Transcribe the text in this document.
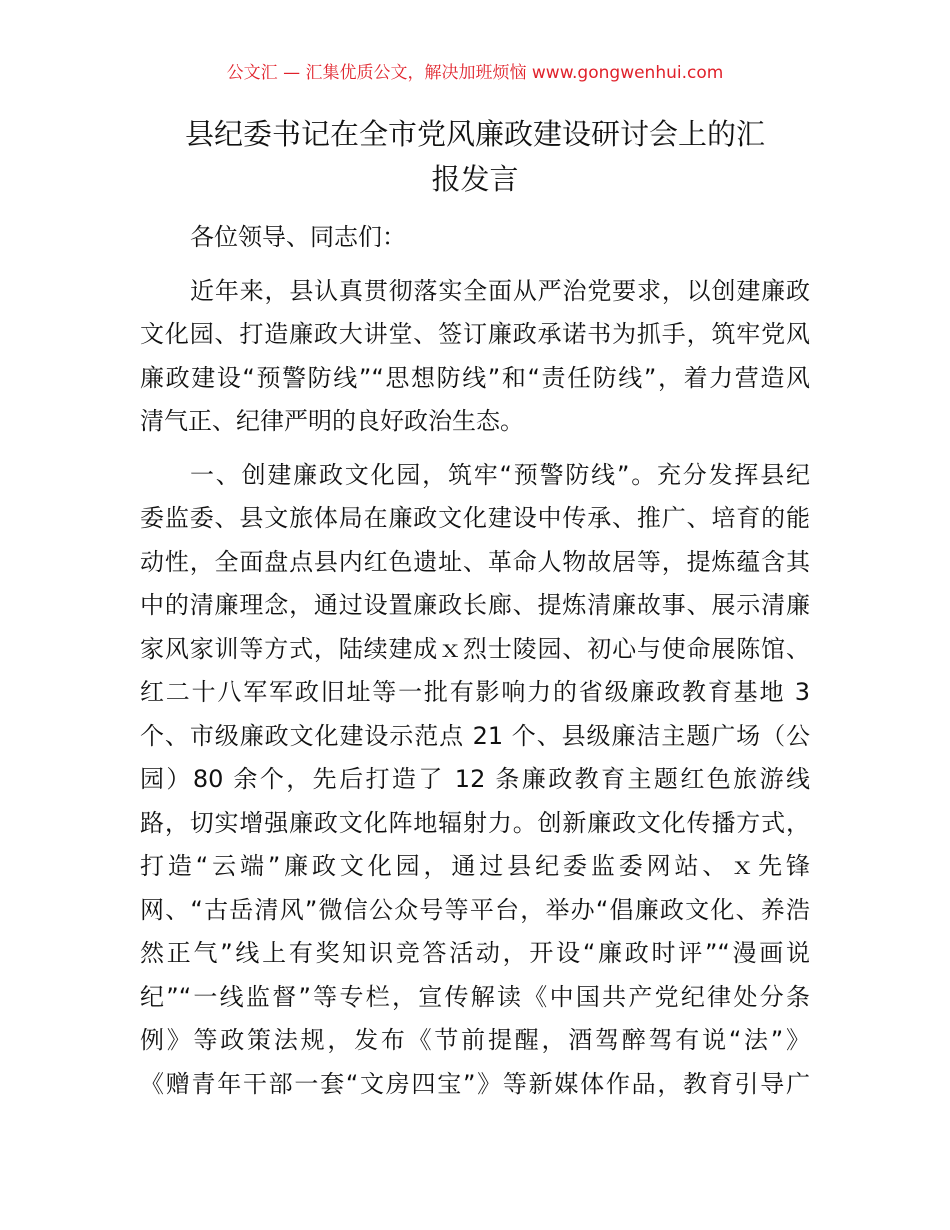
公文汇 — 汇集优质公文，解决加班烦恼 www.gongwenhui.com
县纪委书记在全市党风廉政建设研讨会上的汇
报发言
各位领导、同志们：
近年来，县认真贯彻落实全面从严治党要求，以创建廉政
文化园、打造廉政大讲堂、签订廉政承诺书为抓手，筑牢党风
廉政建设“预警防线”“思想防线”和“责任防线”，着力营造风
清气正、纪律严明的良好政治生态。
一、创建廉政文化园，筑牢“预警防线”。充分发挥县纪
委监委、县文旅体局在廉政文化建设中传承、推广、培育的能
动性，全面盘点县内红色遗址、革命人物故居等，提炼蕴含其
中的清廉理念，通过设置廉政长廊、提炼清廉故事、展示清廉
家风家训等方式，陆续建成ｘ烈士陵园、初心与使命展陈馆、
红二十八军军政旧址等一批有影响力的省级廉政教育基地 3
个、市级廉政文化建设示范点 21 个、县级廉洁主题广场（公
园）80 余个，先后打造了 12 条廉政教育主题红色旅游线
路，切实增强廉政文化阵地辐射力。创新廉政文化传播方式，
打造“云端”廉政文化园，通过县纪委监委网站、ｘ先锋
网、“古岳清风”微信公众号等平台，举办“倡廉政文化、养浩
然正气”线上有奖知识竞答活动，开设“廉政时评”“漫画说
纪”“一线监督”等专栏，宣传解读《中国共产党纪律处分条
例》等政策法规，发布《节前提醒，酒驾醉驾有说“法”》
《赠青年干部一套“文房四宝”》等新媒体作品，教育引导广
